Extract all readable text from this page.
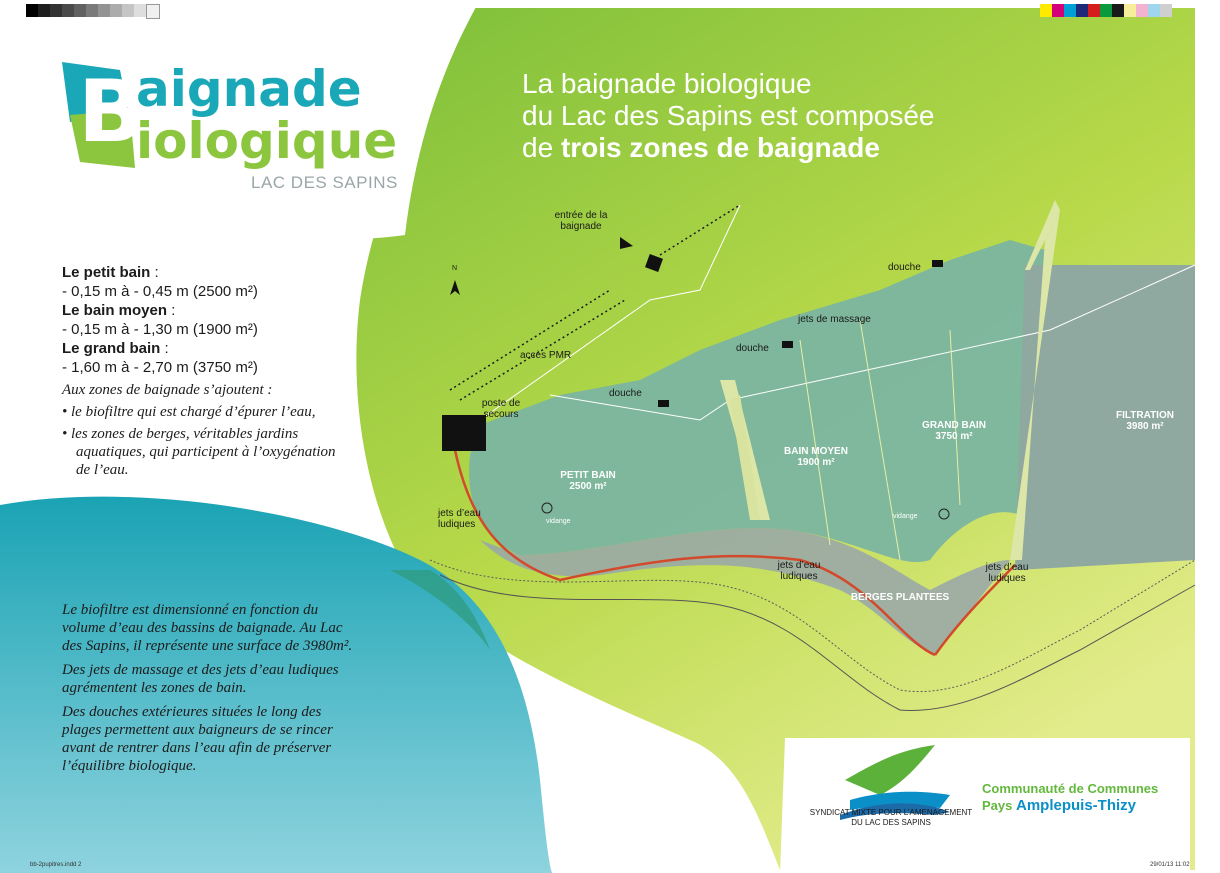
B
aignade
iologique
LAC DES SAPINS
La baignade biologique
du Lac des Sapins est composée
de trois zones de baignade
Le petit bain :
- 0,15 m à - 0,45 m (2500 m²)
Le bain moyen :
- 0,15 m à - 1,30 m (1900 m²)
Le grand bain :
- 1,60 m à - 2,70 m (3750 m²)
Aux zones de baignade s’ajoutent :
• le biofiltre qui est chargé d’épurer l’eau,
• les zones de berges, véritables jardins aquatiques, qui participent à l’oxygénation de l’eau.
Le biofiltre est dimensionné en fonction du volume d’eau des bassins de baignade. Au Lac des Sapins, il représente une surface de 3980m².
Des jets de massage et des jets d’eau ludiques agrémentent les zones de bain.
Des douches extérieures situées le long des plages permettent aux baigneurs de se rincer avant de rentrer dans l’eau afin de préserver l’équilibre biologique.
N
entrée de la baignade
douche
douche
douche
jets de massage
accès PMR
poste de secours
PETIT BAIN
2500 m²
BAIN MOYEN
1900 m²
GRAND BAIN
3750 m²
FILTRATION
3980 m²
vidange
vidange
jets d’eau ludiques
jets d’eau ludiques
jets d’eau ludiques
BERGES PLANTEES
SYNDICAT MIXTE POUR L’AMENAGEMENT
DU LAC DES SAPINS
Communauté de Communes
Pays Amplepuis-Thizy
bb-2pupitres.indd 2	29/01/13 11:02
